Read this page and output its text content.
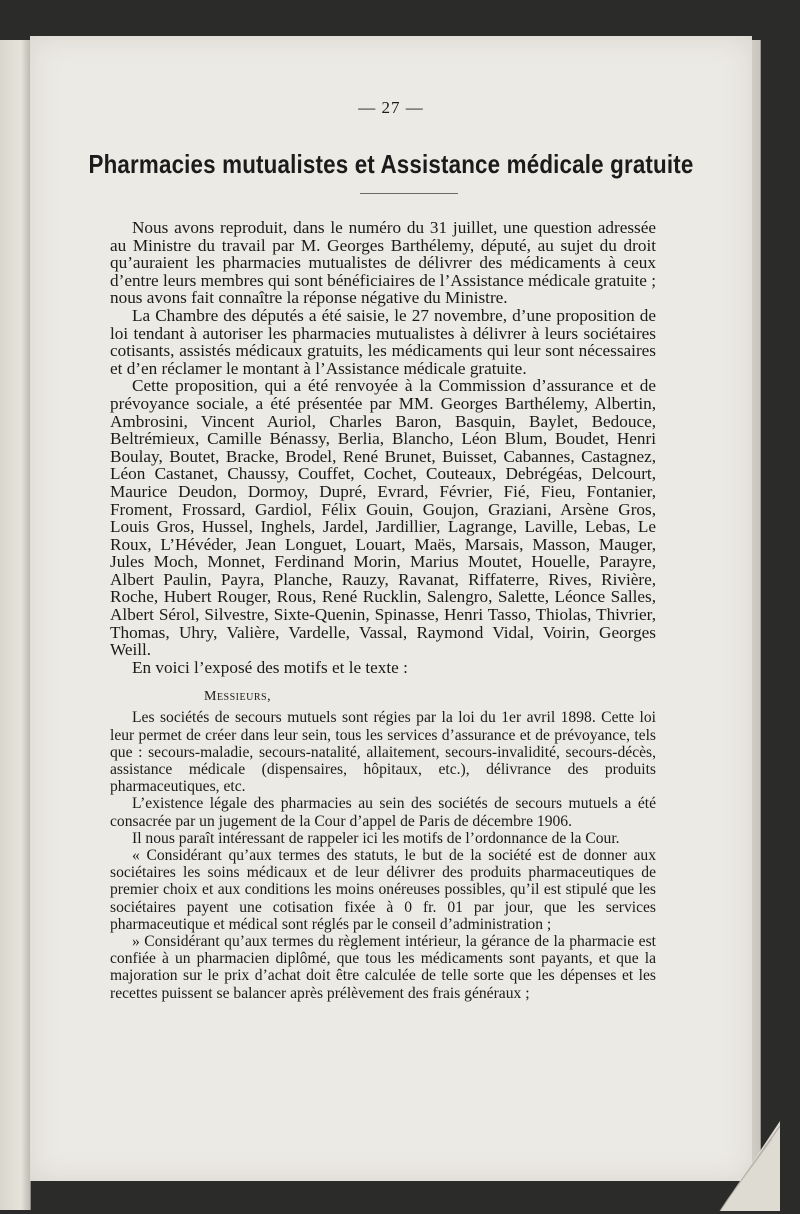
— 27 —
Pharmacies mutualistes et Assistance médicale gratuite

Nous avons reproduit, dans le numéro du 31 juillet, une question adressée au Ministre du travail par M. Georges Barthélemy, député, au sujet du droit qu’auraient les pharmacies mutualistes de délivrer des médicaments à ceux d’entre leurs membres qui sont bénéficiaires de l’Assistance médicale gratuite ; nous avons fait connaître la réponse négative du Ministre.

La Chambre des députés a été saisie, le 27 novembre, d’une proposition de loi tendant à autoriser les pharmacies mutualistes à délivrer à leurs sociétaires cotisants, assistés médicaux gratuits, les médicaments qui leur sont nécessaires et d’en réclamer le montant à l’Assistance médicale gratuite.

Cette proposition, qui a été renvoyée à la Commission d’assurance et de prévoyance sociale, a été présentée par MM. Georges Barthélemy, Albertin, Ambrosini, Vincent Auriol, Charles Baron, Basquin, Baylet, Bedouce, Beltrémieux, Camille Bénassy, Berlia, Blancho, Léon Blum, Boudet, Henri Boulay, Boutet, Bracke, Brodel, René Brunet, Buisset, Cabannes, Castagnez, Léon Castanet, Chaussy, Couffet, Cochet, Couteaux, Debrégéas, Delcourt, Maurice Deudon, Dormoy, Dupré, Evrard, Février, Fié, Fieu, Fontanier, Froment, Frossard, Gardiol, Félix Gouin, Goujon, Graziani, Arsène Gros, Louis Gros, Hussel, Inghels, Jardel, Jardillier, Lagrange, Laville, Lebas, Le Roux, L’Hévéder, Jean Longuet, Louart, Maës, Marsais, Masson, Mauger, Jules Moch, Monnet, Ferdinand Morin, Marius Moutet, Houelle, Parayre, Albert Paulin, Payra, Planche, Rauzy, Ravanat, Riffaterre, Rives, Rivière, Roche, Hubert Rouger, Rous, René Rucklin, Salengro, Salette, Léonce Salles, Albert Sérol, Silvestre, Sixte-Quenin, Spinasse, Henri Tasso, Thiolas, Thivrier, Thomas, Uhry, Valière, Vardelle, Vassal, Raymond Vidal, Voirin, Georges Weill.

En voici l’exposé des motifs et le texte :

Messieurs,

Les sociétés de secours mutuels sont régies par la loi du 1er avril 1898. Cette loi leur permet de créer dans leur sein, tous les services d’assurance et de prévoyance, tels que : secours-maladie, secours-natalité, allaitement, secours-invalidité, secours-décès, assistance médicale (dispensaires, hôpitaux, etc.), délivrance des produits pharmaceutiques, etc.

L’existence légale des pharmacies au sein des sociétés de secours mutuels a été consacrée par un jugement de la Cour d’appel de Paris de décembre 1906.

Il nous paraît intéressant de rappeler ici les motifs de l’ordonnance de la Cour.

« Considérant qu’aux termes des statuts, le but de la société est de donner aux sociétaires les soins médicaux et de leur délivrer des produits pharmaceutiques de premier choix et aux conditions les moins onéreuses possibles, qu’il est stipulé que les sociétaires payent une cotisation fixée à 0 fr. 01 par jour, que les services pharmaceutique et médical sont réglés par le conseil d’administration ;

» Considérant qu’aux termes du règlement intérieur, la gérance de la pharmacie est confiée à un pharmacien diplômé, que tous les médicaments sont payants, et que la majoration sur le prix d’achat doit être calculée de telle sorte que les dépenses et les recettes puissent se balancer après prélèvement des frais généraux ;
